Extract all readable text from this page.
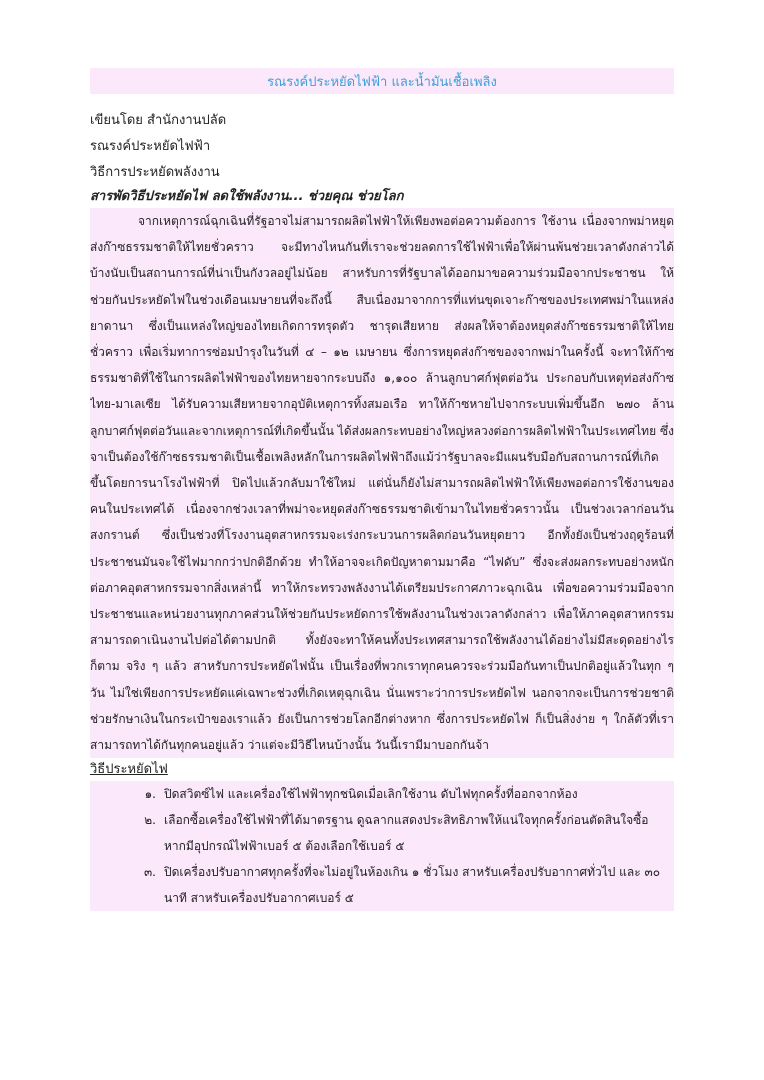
รณรงค์ประหยัดไฟฟ้า และน้ำมันเชื้อเพลิง
เขียนโดย สำนักงานปลัด
รณรงค์ประหยัดไฟฟ้า
วิธีการประหยัดพลังงาน
สารพัดวิธีประหยัดไฟ ลดใช้พลังงาน... ช่วยคุณ ช่วยโลก

จากเหตุการณ์ฉุกเฉินที่รัฐอาจไม่สามารถผลิตไฟฟ้าให้เพียงพอต่อความต้องการ ใช้งาน เนื่องจากพม่าหยุดส่งก๊าซธรรมชาติให้ไทยชั่วคราว จะมีทางไหนกันที่เราจะช่วยลดการใช้ไฟฟ้าเพื่อให้ผ่านพ้นช่วยเวลาดังกล่าวได้ บ้างนับเป็นสถานการณ์ที่น่าเป็นกังวลอยู่ไม่น้อย สาหรับการที่รัฐบาลได้ออกมาขอความร่วมมือจากประชาชน ให้ช่วยกันประหยัดไฟในช่วงเดือนเมษายนที่จะถึงนี้ สืบเนื่องมาจากการที่แท่นขุดเจาะก๊าซของประเทศพม่าในแหล่งยาดานา ซึ่งเป็นแหล่งใหญ่ของไทยเกิดการทรุดตัว ชารุดเสียหาย ส่งผลให้จาต้องหยุดส่งก๊าซธรรมชาติให้ไทยชั่วคราว เพื่อเริ่มทาการซ่อมบำรุงในวันที่ ๔ – ๑๒ เมษายน ซึ่งการหยุดส่งก๊าซของจากพม่าในครั้งนี้ จะทาให้ก๊าซธรรมชาติที่ใช้ในการผลิตไฟฟ้าของไทยหายจากระบบถึง ๑,๑๐๐ ล้านลูกบาศก์ฟุตต่อวัน ประกอบกับเหตุท่อส่งก๊าซไทย-มาเลเซีย ได้รับความเสียหายจากอุบัติเหตุการทิ้งสมอเรือ ทาให้ก๊าซหายไปจากระบบเพิ่มขึ้นอีก ๒๗๐ ล้านลูกบาศก์ฟุตต่อวันและจากเหตุการณ์ที่เกิดขึ้นนั้น ได้ส่งผลกระทบอย่างใหญ่หลวงต่อการผลิตไฟฟ้าในประเทศไทย ซึ่งจาเป็นต้องใช้ก๊าซธรรมชาติเป็นเชื้อเพลิงหลักในการผลิตไฟฟ้าถึงแม้ว่ารัฐบาลจะมีแผนรับมือกับสถานการณ์ที่เกิดขึ้นโดยการนาโรงไฟฟ้าที่ ปิดไปแล้วกลับมาใช้ใหม่ แต่นั่นก็ยังไม่สามารถผลิตไฟฟ้าให้เพียงพอต่อการใช้งานของคนในประเทศได้ เนื่องจากช่วงเวลาที่พม่าจะหยุดส่งก๊าซธรรมชาติเข้ามาในไทยชั่วคราวนั้น เป็นช่วงเวลาก่อนวันสงกรานต์ ซึ่งเป็นช่วงที่โรงงานอุตสาหกรรมจะเร่งกระบวนการผลิตก่อนวันหยุดยาว อีกทั้งยังเป็นช่วงฤดูร้อนที่ประชาชนมันจะใช้ไฟมากกว่าปกติอีกด้วย ทำให้อาจจะเกิดปัญหาตามมาคือ “ไฟดับ” ซึ่งจะส่งผลกระทบอย่างหนักต่อภาคอุตสาหกรรมจากสิ่งเหล่านี้ ทาให้กระทรวงพลังงานได้เตรียมประกาศภาวะฉุกเฉิน เพื่อขอความร่วมมือจากประชาชนและหน่วยงานทุกภาคส่วนให้ช่วยกันประหยัดการใช้พลังงานในช่วงเวลาดังกล่าว เพื่อให้ภาคอุตสาหกรรมสามารถดาเนินงานไปต่อได้ตามปกติ ทั้งยังจะทาให้คนทั้งประเทศสามารถใช้พลังงานได้อย่างไม่มีสะดุดอย่างไรก็ตาม จริง ๆ แล้ว สาหรับการประหยัดไฟนั้น เป็นเรื่องที่พวกเราทุกคนควรจะร่วมมือกันทาเป็นปกติอยู่แล้วในทุก ๆ วัน ไม่ใช่เพียงการประหยัดแค่เฉพาะช่วงที่เกิดเหตุฉุกเฉิน นั่นเพราะว่าการประหยัดไฟ นอกจากจะเป็นการช่วยชาติ ช่วยรักษาเงินในกระเป๋าของเราแล้ว ยังเป็นการช่วยโลกอีกต่างหาก ซึ่งการประหยัดไฟ ก็เป็นสิ่งง่าย ๆ ใกล้ตัวที่เราสามารถทาได้กันทุกคนอยู่แล้ว ว่าแต่จะมีวิธีไหนบ้างนั้น วันนี้เรามีมาบอกกันจ้า

วิธีประหยัดไฟ
๑. ปิดสวิตซ์ไฟ และเครื่องใช้ไฟฟ้าทุกชนิดเมื่อเลิกใช้งาน ดับไฟทุกครั้งที่ออกจากห้อง
๒. เลือกซื้อเครื่องใช้ไฟฟ้าที่ได้มาตรฐาน ดูฉลากแสดงประสิทธิภาพให้แน่ใจทุกครั้งก่อนตัดสินใจซื้อ หากมีอุปกรณ์ไฟฟ้าเบอร์ ๕ ต้องเลือกใช้เบอร์ ๕
๓. ปิดเครื่องปรับอากาศทุกครั้งที่จะไม่อยู่ในห้องเกิน ๑ ชั่วโมง สาหรับเครื่องปรับอากาศทั่วไป และ ๓๐ นาที สาหรับเครื่องปรับอากาศเบอร์ ๕
